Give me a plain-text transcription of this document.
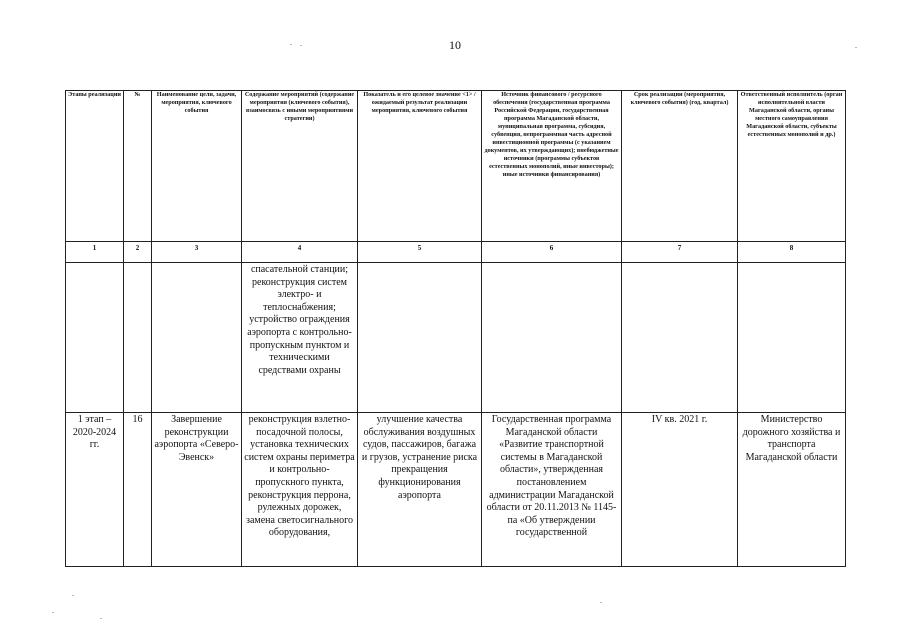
10
Этапы реализации	№	Наименование цели, задачи, мероприятия, ключевого события	Содержание мероприятий (содержание мероприятия (ключевого события), взаимосвязь с иными мероприятиями стратегии)	Показатель и его целевое значение <1> /ожидаемый результат реализации мероприятия, ключевого события	Источник финансового / ресурсного обеспечения (государственная программа Российской Федерации, государственная программа Магаданской области, муниципальная программа, субсидия, субвенция, непрограммная часть адресной инвестиционной программы (с указанием документов, их утверждающих); внебюджетные источники (программы субъектов естественных монополий, иные инвесторы); иные источники финансирования)	Срок реализации (мероприятия, ключевого события) (год, квартал)	Ответственный исполнитель (орган исполнительной власти Магаданской области, органы местного самоуправления Магаданской области, субъекты естественных монополий и др.)
1	2	3	4	5	6	7	8
			спасательной станции; реконструкция систем электро- и теплоснабжения; устройство ограждения аэропорта с контрольно-пропускным пунктом и техническими средствами охраны				
1 этап – 2020-2024 гг.	16	Завершение реконструкции аэропорта «Северо-Эвенск»	реконструкция взлетно-посадочной полосы, установка технических систем охраны периметра и контрольно-пропускного пункта, реконструкция перрона, рулежных дорожек, замена светосигнального оборудования,	улучшение качества обслуживания воздушных судов, пассажиров, багажа и грузов, устранение риска прекращения функционирования аэропорта	Государственная программа Магаданской области «Развитие транспортной системы в Магаданской области», утвержденная постановлением администрации Магаданской области от 20.11.2013 № 1145-па «Об утверждении государственной	IV кв. 2021 г.	Министерство дорожного хозяйства и транспорта Магаданской области
